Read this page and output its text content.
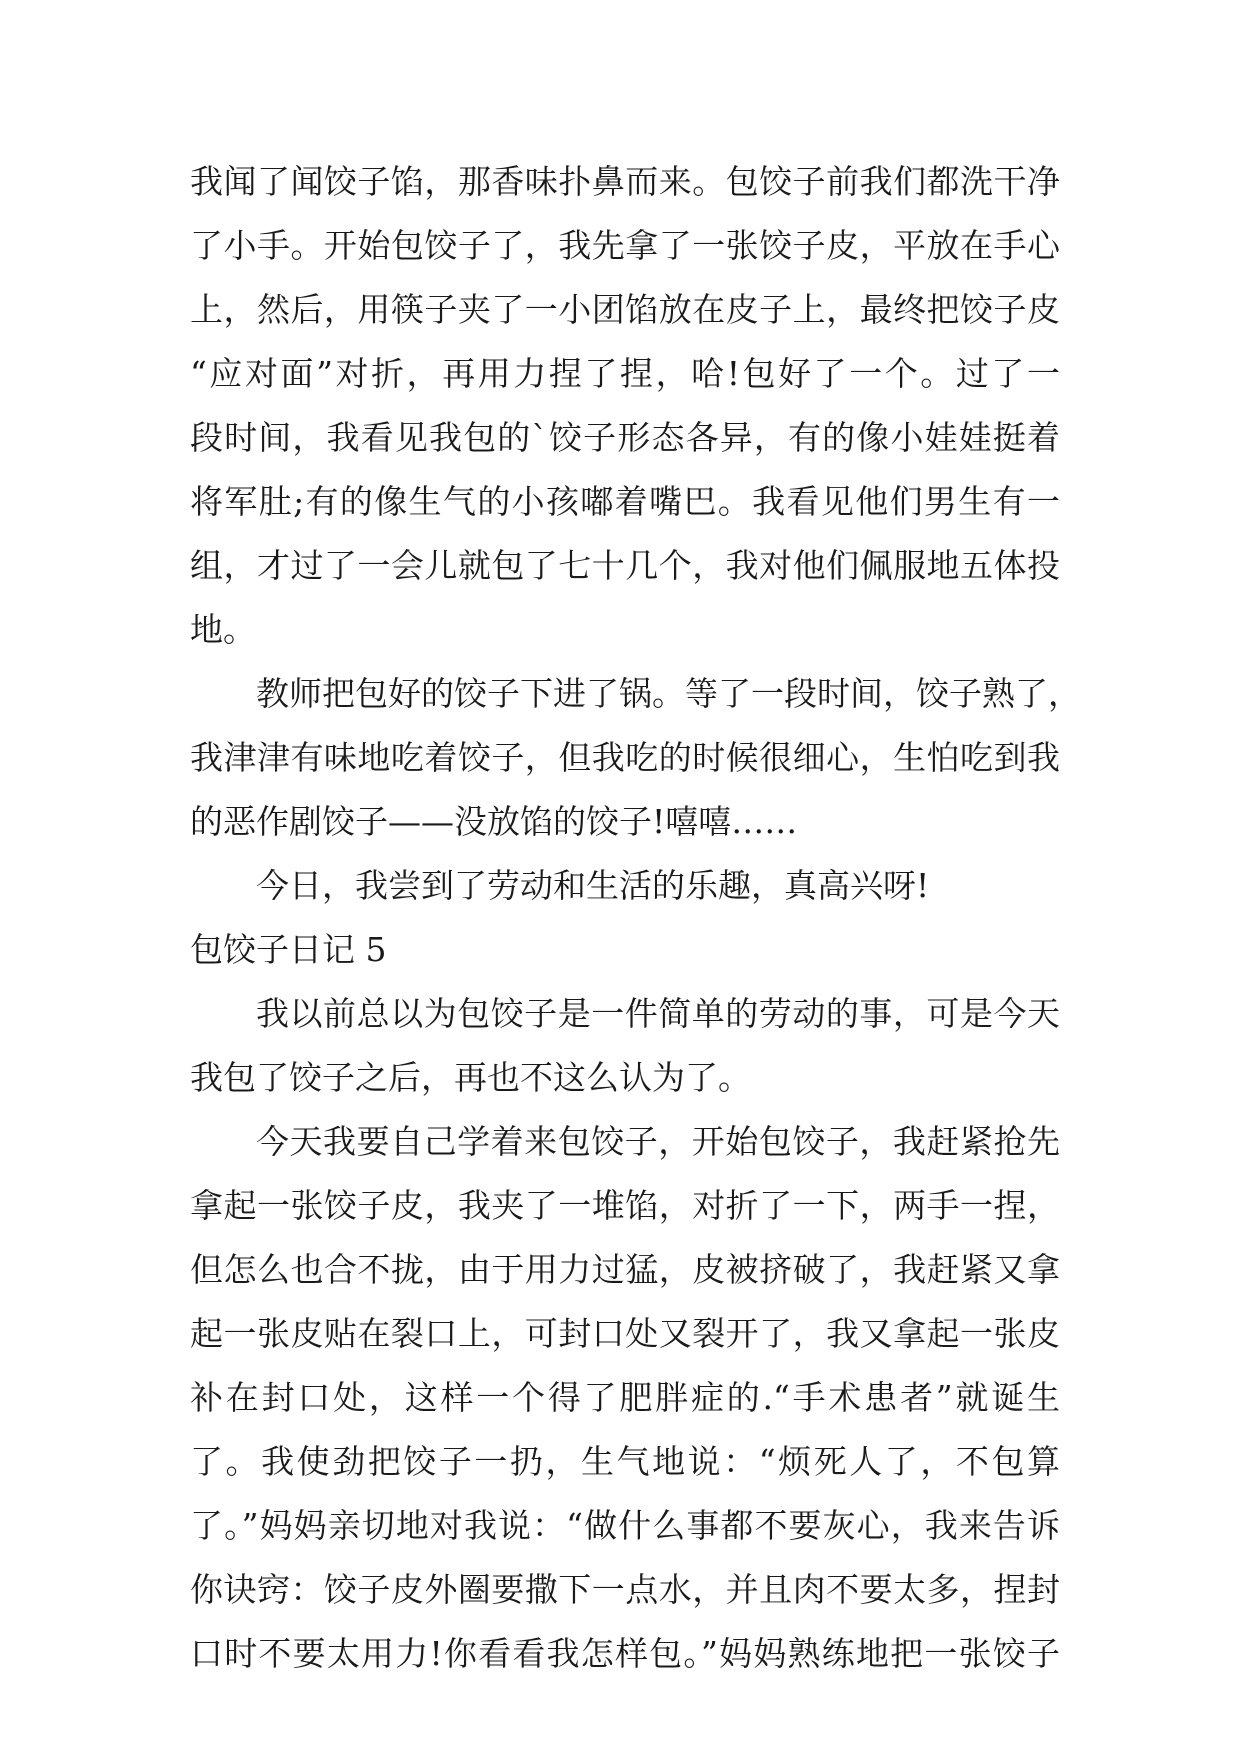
我闻了闻饺子馅，那香味扑鼻而来。包饺子前我们都洗干净
了小手。开始包饺子了，我先拿了一张饺子皮，平放在手心
上，然后，用筷子夹了一小团馅放在皮子上，最终把饺子皮
“应对面”对折，再用力捏了捏，哈!包好了一个。过了一
段时间，我看见我包的`饺子形态各异，有的像小娃娃挺着
将军肚;有的像生气的小孩嘟着嘴巴。我看见他们男生有一
组，才过了一会儿就包了七十几个，我对他们佩服地五体投
地。
教师把包好的饺子下进了锅。等了一段时间，饺子熟了，
我津津有味地吃着饺子，但我吃的时候很细心，生怕吃到我
的恶作剧饺子——没放馅的饺子!嘻嘻……
今日，我尝到了劳动和生活的乐趣，真高兴呀!
包饺子日记 5
我以前总以为包饺子是一件简单的劳动的事，可是今天
我包了饺子之后，再也不这么认为了。
今天我要自己学着来包饺子，开始包饺子，我赶紧抢先
拿起一张饺子皮，我夹了一堆馅，对折了一下，两手一捏，
但怎么也合不拢，由于用力过猛，皮被挤破了，我赶紧又拿
起一张皮贴在裂口上，可封口处又裂开了，我又拿起一张皮
补在封口处，这样一个得了肥胖症的.“手术患者”就诞生
了。我使劲把饺子一扔，生气地说：“烦死人了，不包算
了。”妈妈亲切地对我说：“做什么事都不要灰心，我来告诉
你诀窍：饺子皮外圈要撒下一点水，并且肉不要太多，捏封
口时不要太用力!你看看我怎样包。”妈妈熟练地把一张饺子
